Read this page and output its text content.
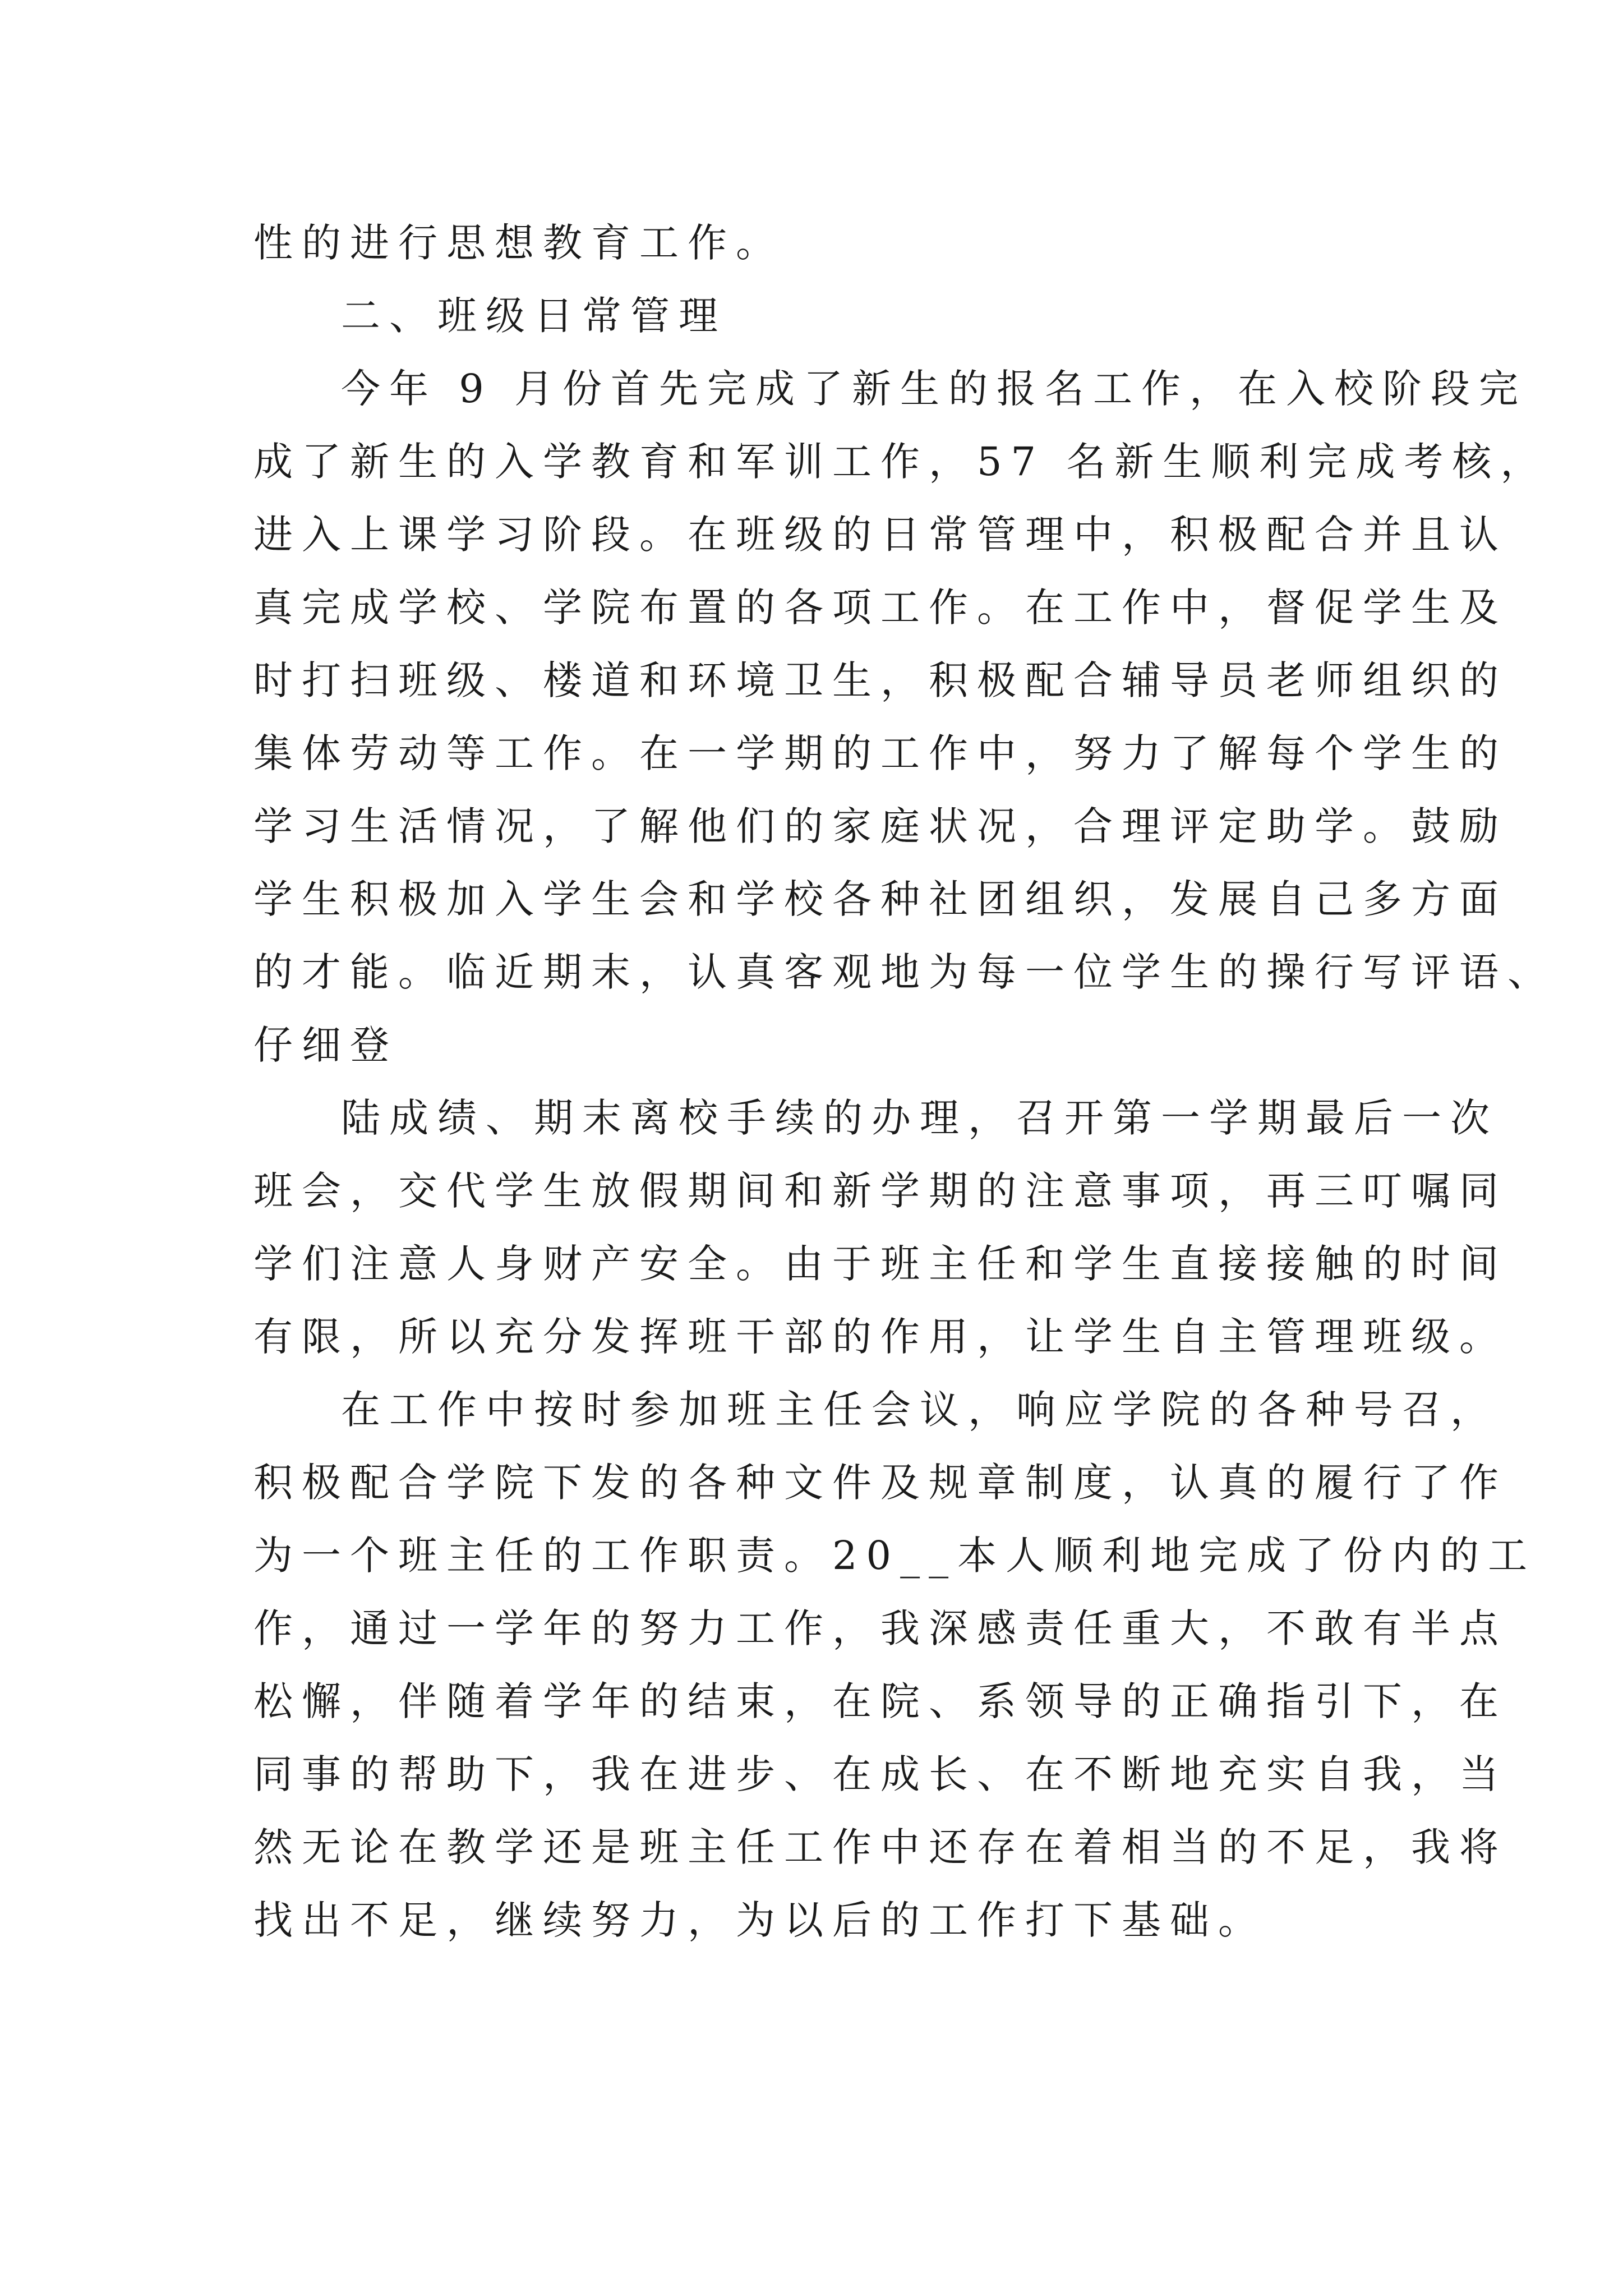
性的进行思想教育工作。

二、班级日常管理

今年 9 月份首先完成了新生的报名工作，在入校阶段完

成了新生的入学教育和军训工作，57 名新生顺利完成考核，

进入上课学习阶段。在班级的日常管理中，积极配合并且认

真完成学校、学院布置的各项工作。在工作中，督促学生及

时打扫班级、楼道和环境卫生，积极配合辅导员老师组织的

集体劳动等工作。在一学期的工作中，努力了解每个学生的

学习生活情况，了解他们的家庭状况，合理评定助学。鼓励

学生积极加入学生会和学校各种社团组织，发展自己多方面

的才能。临近期末，认真客观地为每一位学生的操行写评语、

仔细登

陆成绩、期末离校手续的办理，召开第一学期最后一次

班会，交代学生放假期间和新学期的注意事项，再三叮嘱同

学们注意人身财产安全。由于班主任和学生直接接触的时间

有限，所以充分发挥班干部的作用，让学生自主管理班级。

在工作中按时参加班主任会议，响应学院的各种号召，

积极配合学院下发的各种文件及规章制度，认真的履行了作

为一个班主任的工作职责。20__本人顺利地完成了份内的工

作，通过一学年的努力工作，我深感责任重大，不敢有半点

松懈，伴随着学年的结束，在院、系领导的正确指引下，在

同事的帮助下，我在进步、在成长、在不断地充实自我，当

然无论在教学还是班主任工作中还存在着相当的不足，我将

找出不足，继续努力，为以后的工作打下基础。
